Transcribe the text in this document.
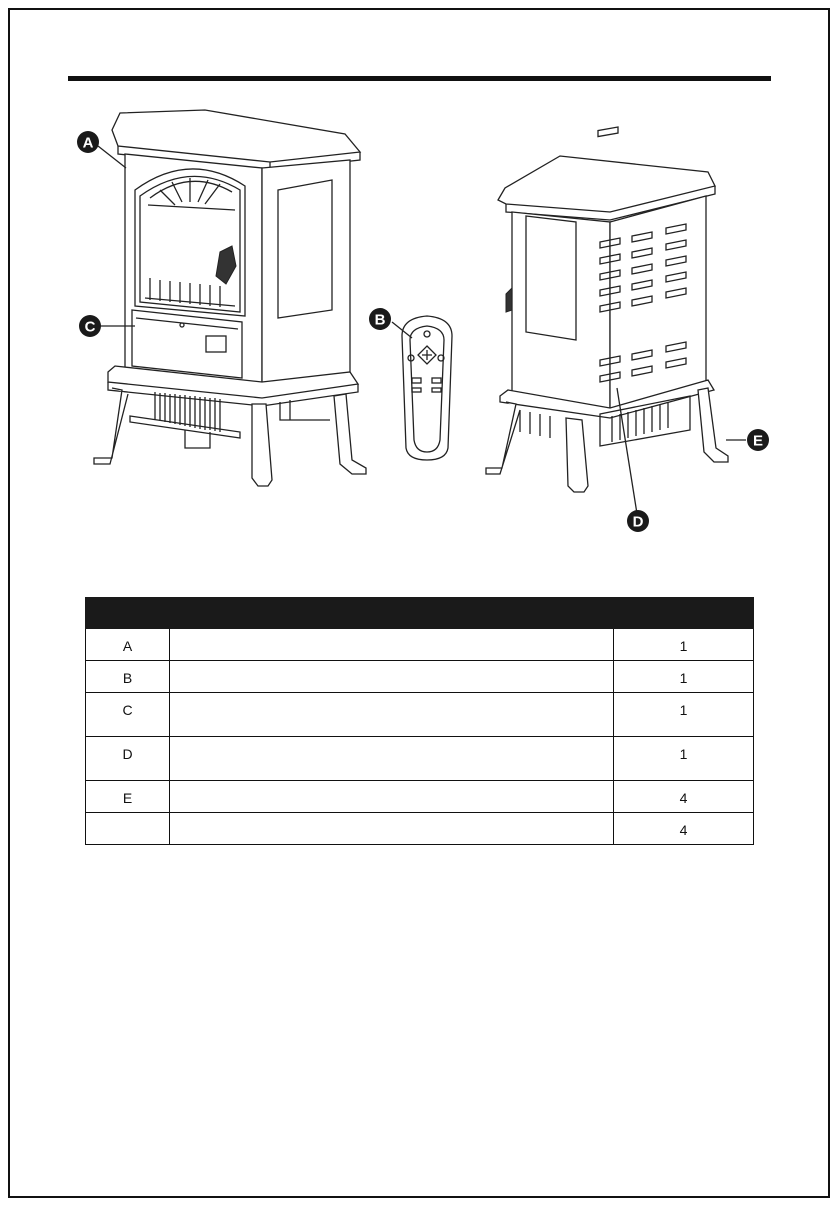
A
C	B
D
E

A		1
B		1
C		1
D		1
E		4
		4
